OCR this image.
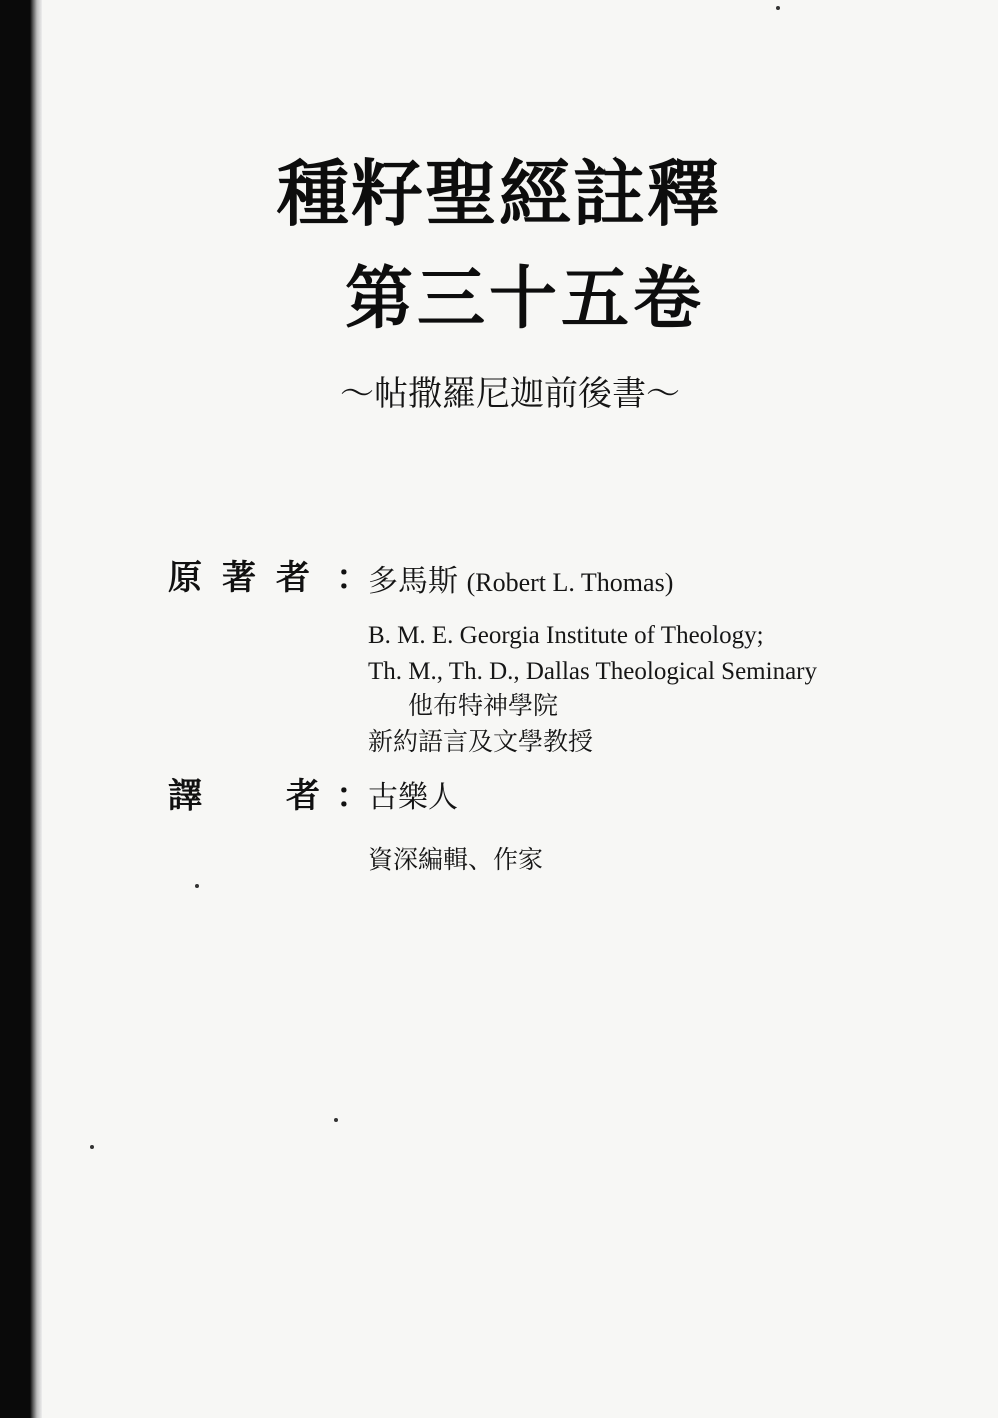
種籽聖經註釋
第三十五卷
～帖撒羅尼迦前後書～
原著者 ：
多馬斯 (Robert L. Thomas)
B. M. E. Georgia Institute of Theology;
Th. M., Th. D., Dallas Theological Seminary
他布特神學院
新約語言及文學教授
譯 者 ：
古樂人
資深編輯、作家
